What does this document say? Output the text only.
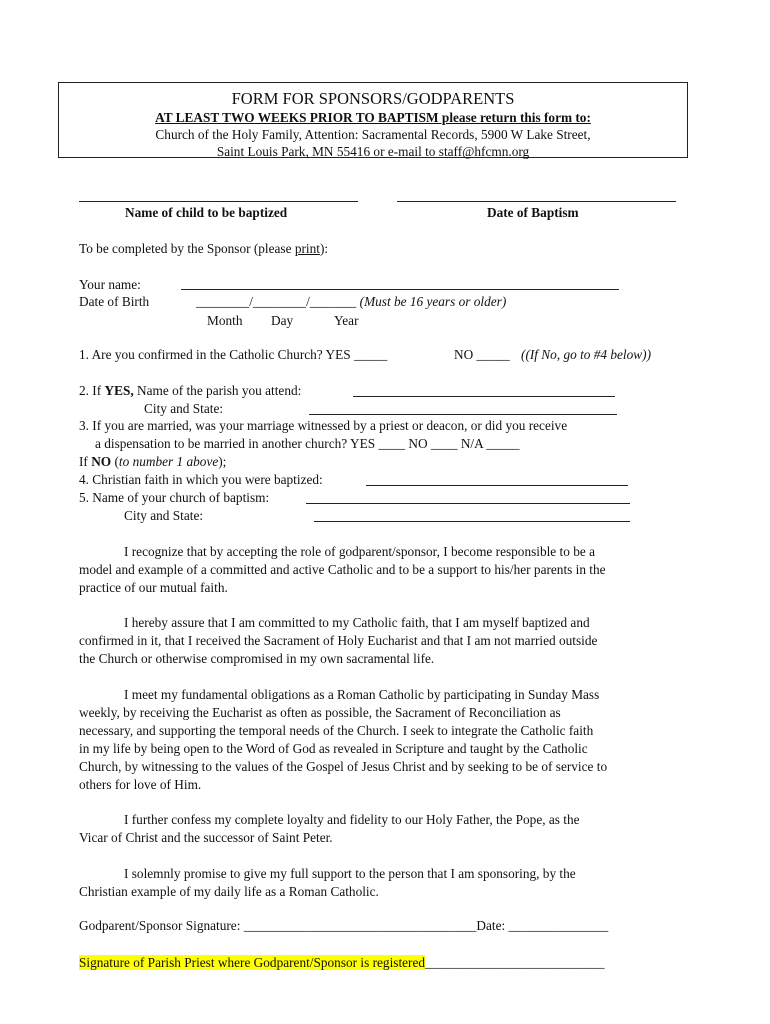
FORM FOR SPONSORS/GODPARENTS
AT LEAST TWO WEEKS PRIOR TO BAPTISM please return this form to:
Church of the Holy Family, Attention: Sacramental Records, 5900 W Lake Street,
Saint Louis Park, MN 55416 or e-mail to staff@hfcmn.org
Name of child to be baptized	Date of Baptism
To be completed by the Sponsor (please print):
Your name:
Date of Birth	________/________/_______ (Must be 16 years or older)
Month Day	Year
1. Are you confirmed in the Catholic Church? YES _____	NO _____ ((If No, go to #4 below))
2. If YES, Name of the parish you attend:
City and State:
3. If you are married, was your marriage witnessed by a priest or deacon, or did you receive
a dispensation to be married in another church? YES ____ NO ____ N/A _____
If NO (to number 1 above);
4. Christian faith in which you were baptized:
5. Name of your church of baptism:
City and State:
I recognize that by accepting the role of godparent/sponsor, I become responsible to be a
model and example of a committed and active Catholic and to be a support to his/her parents in the
practice of our mutual faith.
I hereby assure that I am committed to my Catholic faith, that I am myself baptized and
confirmed in it, that I received the Sacrament of Holy Eucharist and that I am not married outside
the Church or otherwise compromised in my own sacramental life.
I meet my fundamental obligations as a Roman Catholic by participating in Sunday Mass
weekly, by receiving the Eucharist as often as possible, the Sacrament of Reconciliation as
necessary, and supporting the temporal needs of the Church. I seek to integrate the Catholic faith
in my life by being open to the Word of God as revealed in Scripture and taught by the Catholic
Church, by witnessing to the values of the Gospel of Jesus Christ and by seeking to be of service to
others for love of Him.
I further confess my complete loyalty and fidelity to our Holy Father, the Pope, as the
Vicar of Christ and the successor of Saint Peter.
I solemnly promise to give my full support to the person that I am sponsoring, by the
Christian example of my daily life as a Roman Catholic.
Godparent/Sponsor Signature: ___________________________________Date: _______________
Signature of Parish Priest where Godparent/Sponsor is registered___________________________
